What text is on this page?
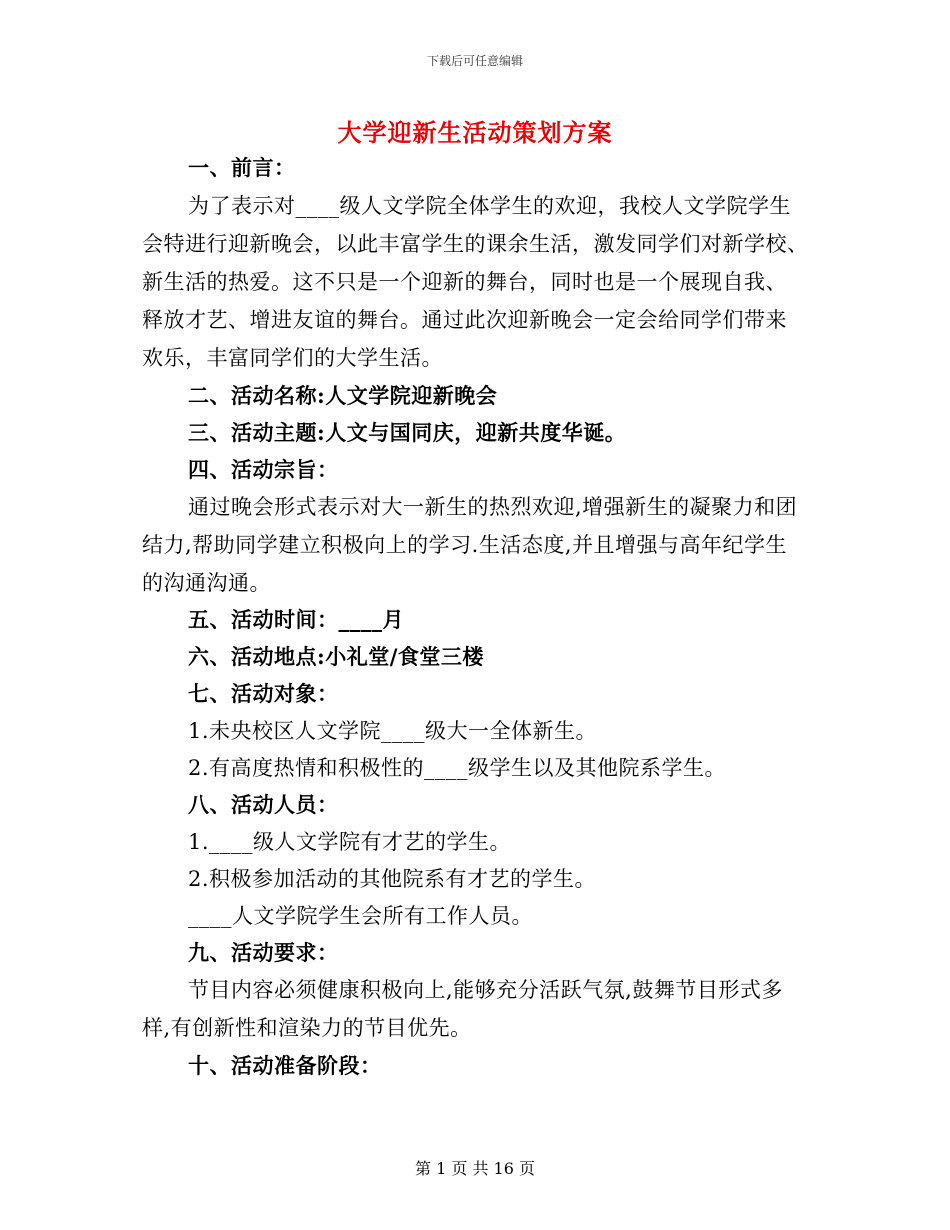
下载后可任意编辑
大学迎新生活动策划方案
一、前言：
为了表示对____级人文学院全体学生的欢迎，我校人文学院学生
会特进行迎新晚会，以此丰富学生的课余生活，激发同学们对新学校、
新生活的热爱。这不只是一个迎新的舞台，同时也是一个展现自我、
释放才艺、增进友谊的舞台。通过此次迎新晚会一定会给同学们带来
欢乐，丰富同学们的大学生活。
二、活动名称:人文学院迎新晚会
三、活动主题:人文与国同庆，迎新共度华诞。
四、活动宗旨：
通过晚会形式表示对大一新生的热烈欢迎,增强新生的凝聚力和团
结力,帮助同学建立积极向上的学习.生活态度,并且增强与高年纪学生
的沟通沟通。
五、活动时间：____月
六、活动地点:小礼堂/食堂三楼
七、活动对象：
1.未央校区人文学院____级大一全体新生。
2.有高度热情和积极性的____级学生以及其他院系学生。
八、活动人员：
1.____级人文学院有才艺的学生。
2.积极参加活动的其他院系有才艺的学生。
____人文学院学生会所有工作人员。
九、活动要求：
节目内容必须健康积极向上,能够充分活跃气氛,鼓舞节目形式多
样,有创新性和渲染力的节目优先。
十、活动准备阶段：
第 1 页 共 16 页
